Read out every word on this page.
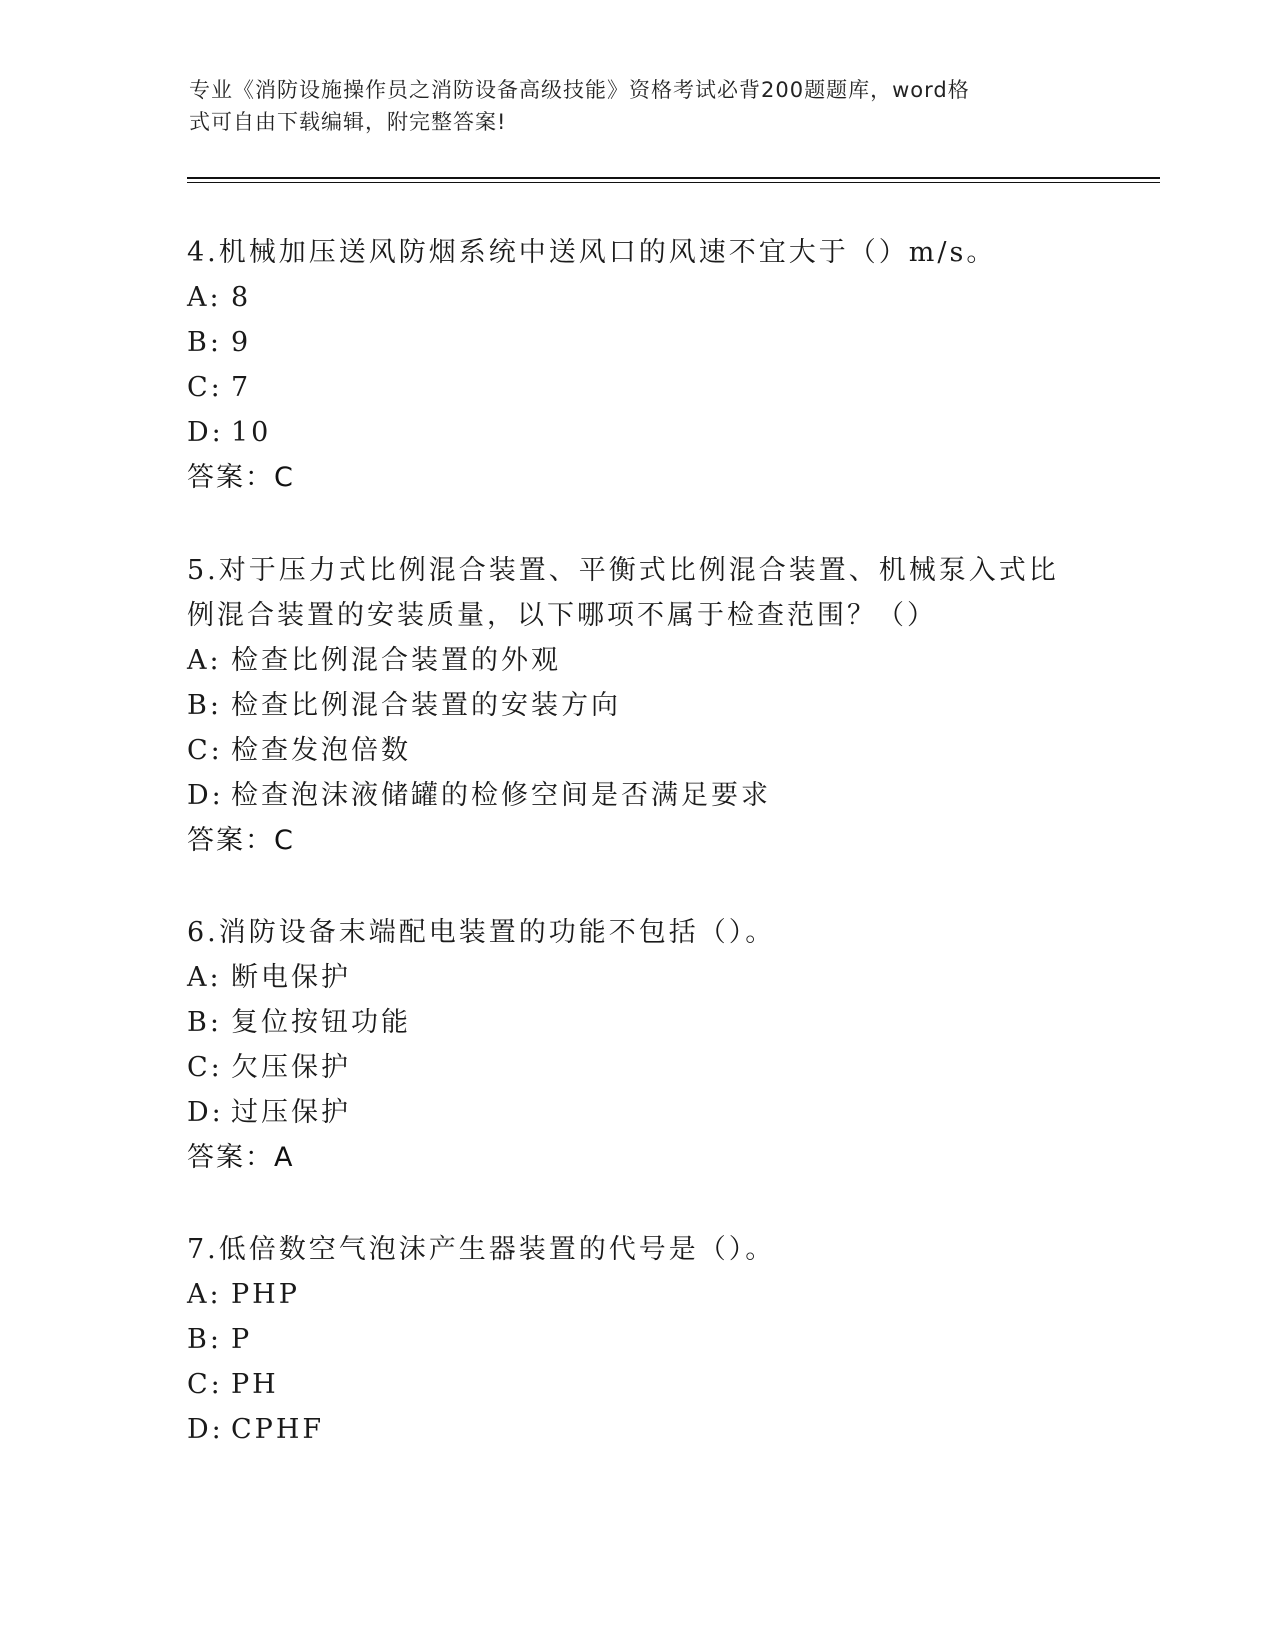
专业《消防设施操作员之消防设备高级技能》资格考试必背200题题库，word格
式可自由下载编辑，附完整答案!

4.机械加压送风防烟系统中送风口的风速不宜大于（）m/s。

A: 8
B: 9
C: 7
D: 10
答案：C

5.对于压力式比例混合装置、平衡式比例混合装置、机械泵入式比例混合装置的安装质量，以下哪项不属于检查范围？（）

A: 检查比例混合装置的外观
B: 检查比例混合装置的安装方向
C: 检查发泡倍数
D: 检查泡沫液储罐的检修空间是否满足要求
答案：C

6.消防设备末端配电装置的功能不包括（）。

A: 断电保护
B: 复位按钮功能
C: 欠压保护
D: 过压保护
答案：A

7.低倍数空气泡沫产生器装置的代号是（）。

A: PHP
B: P
C: PH
D: CPHF
